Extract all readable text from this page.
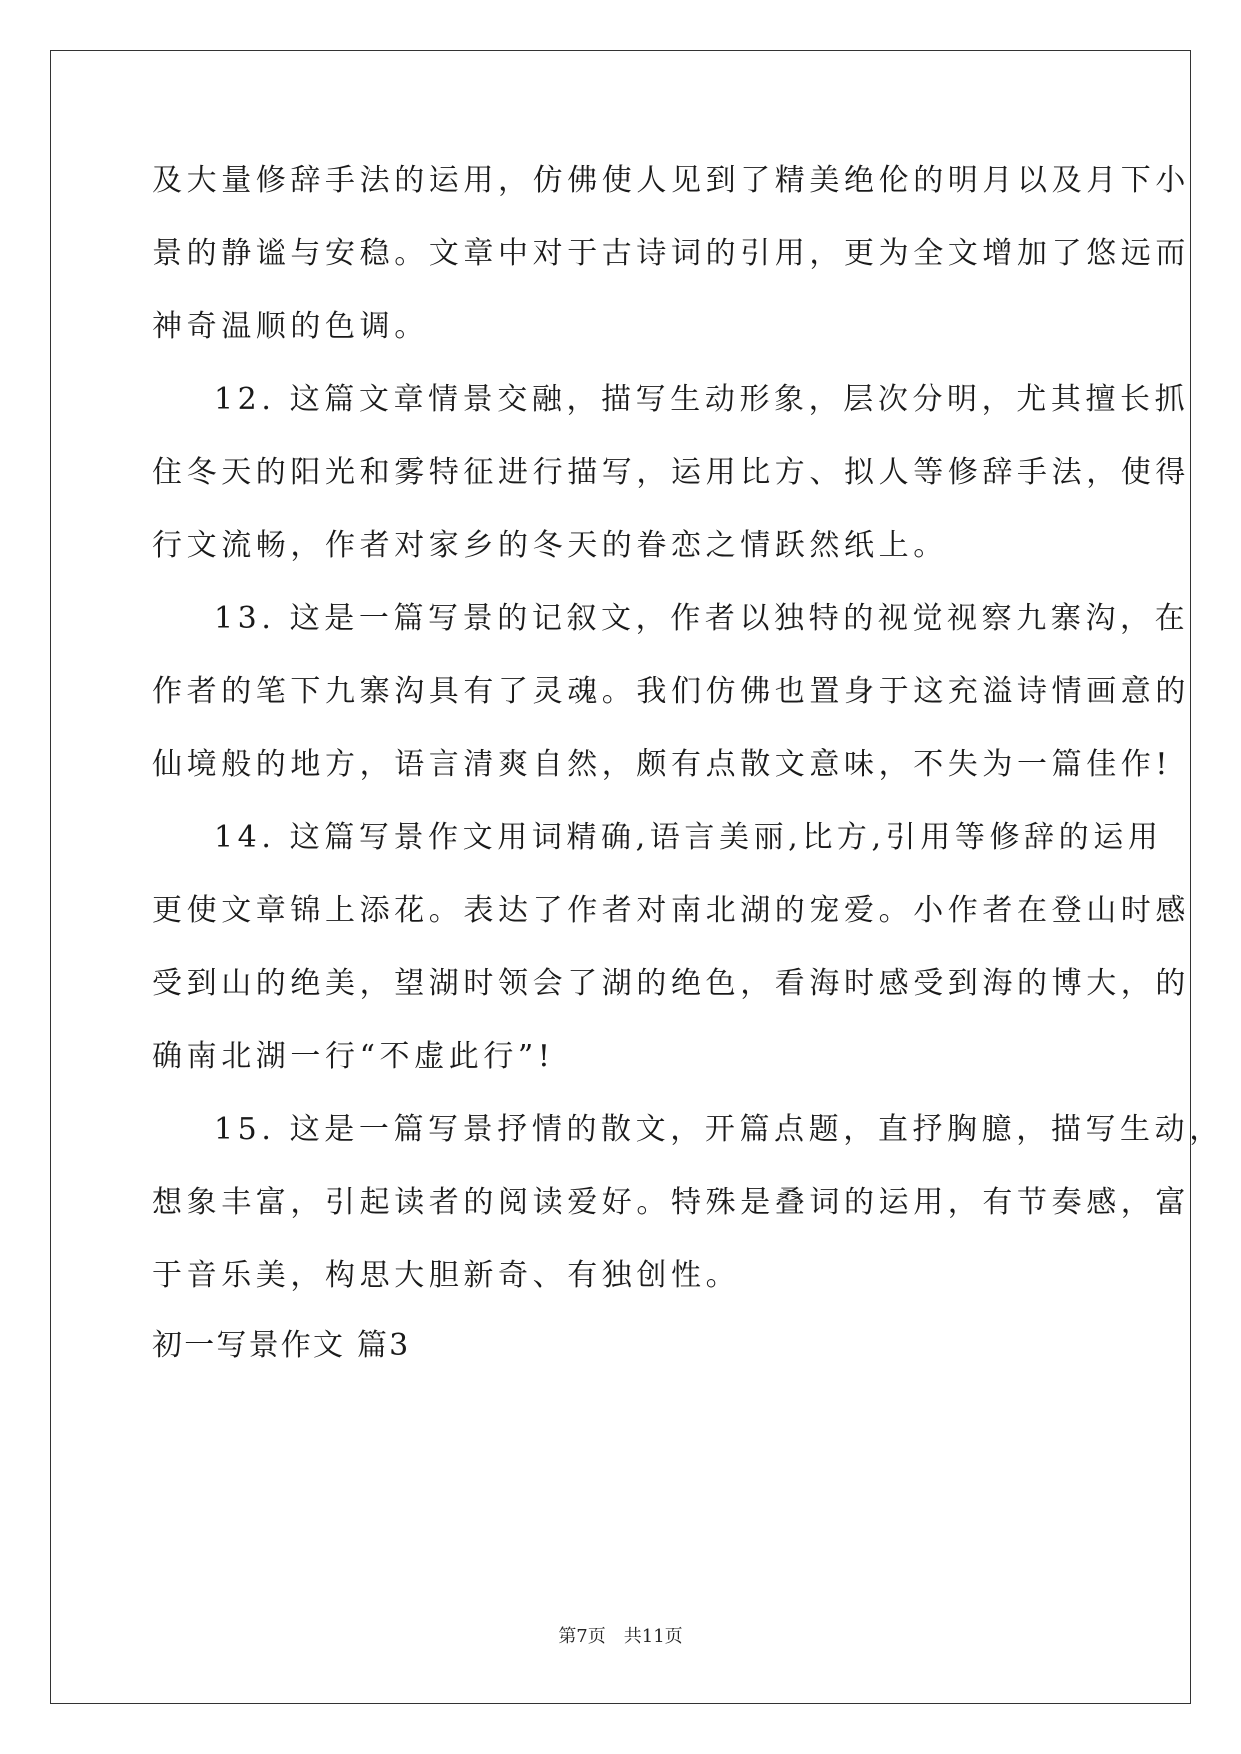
及大量修辞手法的运用，仿佛使人见到了精美绝伦的明月以及月下小
景的静谧与安稳。文章中对于古诗词的引用，更为全文增加了悠远而
神奇温顺的色调。
12. 这篇文章情景交融，描写生动形象，层次分明，尤其擅长抓
住冬天的阳光和雾特征进行描写，运用比方、拟人等修辞手法，使得
行文流畅，作者对家乡的冬天的眷恋之情跃然纸上。
13. 这是一篇写景的记叙文，作者以独特的视觉视察九寨沟，在
作者的笔下九寨沟具有了灵魂。我们仿佛也置身于这充溢诗情画意的
仙境般的地方，语言清爽自然，颇有点散文意味，不失为一篇佳作!
14. 这篇写景作文用词精确,语言美丽,比方,引用等修辞的运用
更使文章锦上添花。表达了作者对南北湖的宠爱。小作者在登山时感
受到山的绝美，望湖时领会了湖的绝色，看海时感受到海的博大，的
确南北湖一行“不虚此行”!
15. 这是一篇写景抒情的散文，开篇点题，直抒胸臆，描写生动，
想象丰富，引起读者的阅读爱好。特殊是叠词的运用，有节奏感，富
于音乐美，构思大胆新奇、有独创性。
初一写景作文 篇3
第7页 共11页
